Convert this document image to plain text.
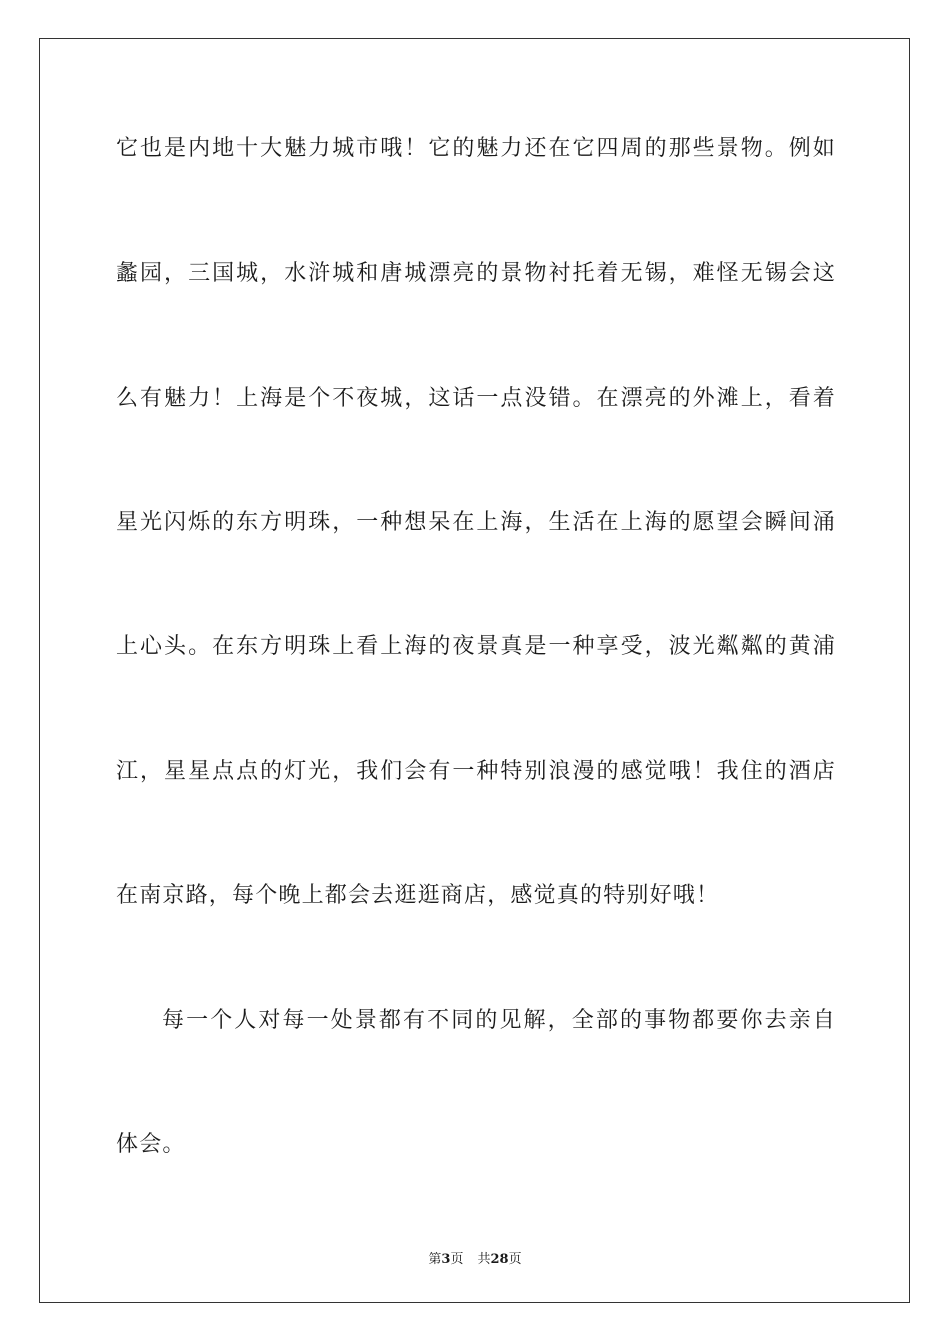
它也是内地十大魅力城市哦！它的魅力还在它四周的那些景物。例如
蠡园，三国城，水浒城和唐城漂亮的景物衬托着无锡，难怪无锡会这
么有魅力！上海是个不夜城，这话一点没错。在漂亮的外滩上，看着
星光闪烁的东方明珠，一种想呆在上海，生活在上海的愿望会瞬间涌
上心头。在东方明珠上看上海的夜景真是一种享受，波光粼粼的黄浦
江，星星点点的灯光，我们会有一种特别浪漫的感觉哦！我住的酒店
在南京路，每个晚上都会去逛逛商店，感觉真的特别好哦！
每一个人对每一处景都有不同的见解，全部的事物都要你去亲自
体会。
第3页 共28页
